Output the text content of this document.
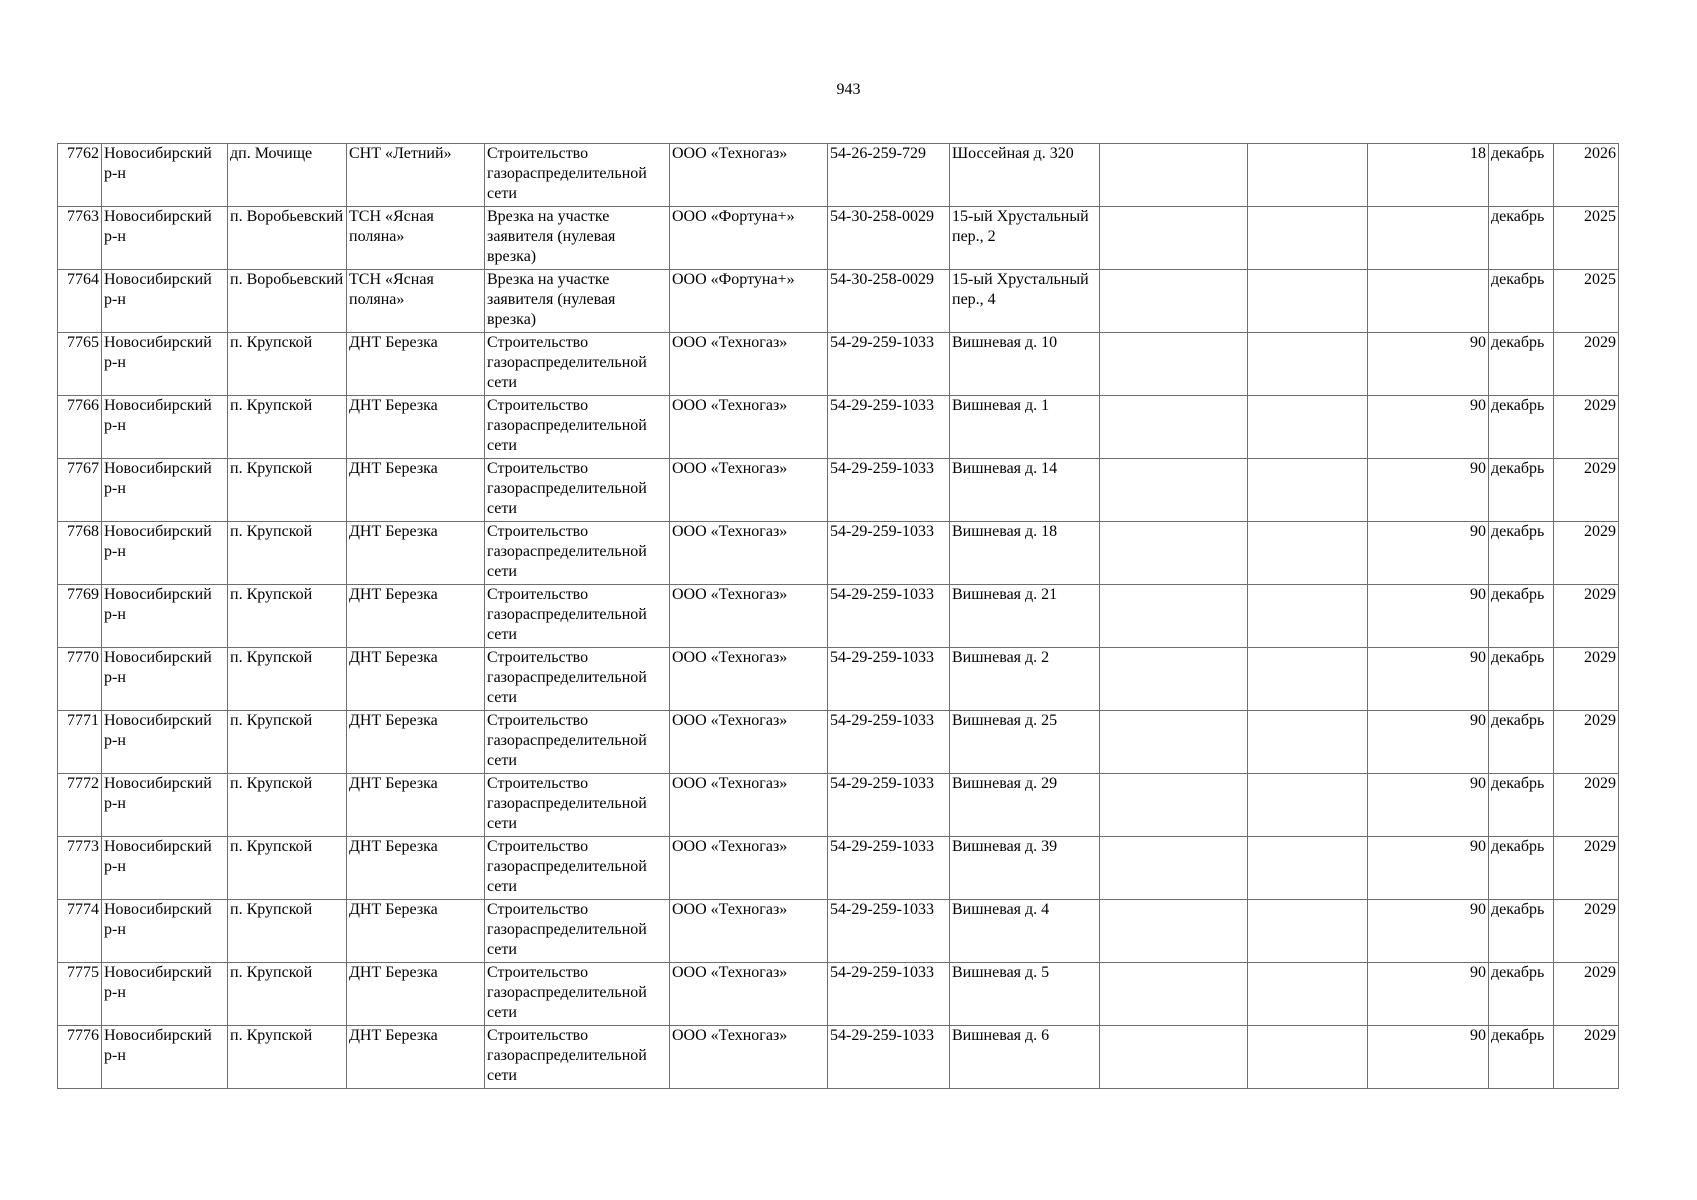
943
7762	Новосибирский р-н	дп. Мочище	СНТ «Летний»	Строительство газораспределительной сети	ООО «Техногаз»	54-26-259-729	Шоссейная д. 320			18	декабрь	2026
7763	Новосибирский р-н	п. Воробьевский	ТСН «Ясная поляна»	Врезка на участке заявителя (нулевая врезка)	ООО «Фортуна+»	54-30-258-0029	15-ый Хрустальный пер., 2				декабрь	2025
7764	Новосибирский р-н	п. Воробьевский	ТСН «Ясная поляна»	Врезка на участке заявителя (нулевая врезка)	ООО «Фортуна+»	54-30-258-0029	15-ый Хрустальный пер., 4				декабрь	2025
7765	Новосибирский р-н	п. Крупской	ДНТ Березка	Строительство газораспределительной сети	ООО «Техногаз»	54-29-259-1033	Вишневая д. 10			90	декабрь	2029
7766	Новосибирский р-н	п. Крупской	ДНТ Березка	Строительство газораспределительной сети	ООО «Техногаз»	54-29-259-1033	Вишневая д. 1			90	декабрь	2029
7767	Новосибирский р-н	п. Крупской	ДНТ Березка	Строительство газораспределительной сети	ООО «Техногаз»	54-29-259-1033	Вишневая д. 14			90	декабрь	2029
7768	Новосибирский р-н	п. Крупской	ДНТ Березка	Строительство газораспределительной сети	ООО «Техногаз»	54-29-259-1033	Вишневая д. 18			90	декабрь	2029
7769	Новосибирский р-н	п. Крупской	ДНТ Березка	Строительство газораспределительной сети	ООО «Техногаз»	54-29-259-1033	Вишневая д. 21			90	декабрь	2029
7770	Новосибирский р-н	п. Крупской	ДНТ Березка	Строительство газораспределительной сети	ООО «Техногаз»	54-29-259-1033	Вишневая д. 2			90	декабрь	2029
7771	Новосибирский р-н	п. Крупской	ДНТ Березка	Строительство газораспределительной сети	ООО «Техногаз»	54-29-259-1033	Вишневая д. 25			90	декабрь	2029
7772	Новосибирский р-н	п. Крупской	ДНТ Березка	Строительство газораспределительной сети	ООО «Техногаз»	54-29-259-1033	Вишневая д. 29			90	декабрь	2029
7773	Новосибирский р-н	п. Крупской	ДНТ Березка	Строительство газораспределительной сети	ООО «Техногаз»	54-29-259-1033	Вишневая д. 39			90	декабрь	2029
7774	Новосибирский р-н	п. Крупской	ДНТ Березка	Строительство газораспределительной сети	ООО «Техногаз»	54-29-259-1033	Вишневая д. 4			90	декабрь	2029
7775	Новосибирский р-н	п. Крупской	ДНТ Березка	Строительство газораспределительной сети	ООО «Техногаз»	54-29-259-1033	Вишневая д. 5			90	декабрь	2029
7776	Новосибирский р-н	п. Крупской	ДНТ Березка	Строительство газораспределительной сети	ООО «Техногаз»	54-29-259-1033	Вишневая д. 6			90	декабрь	2029
